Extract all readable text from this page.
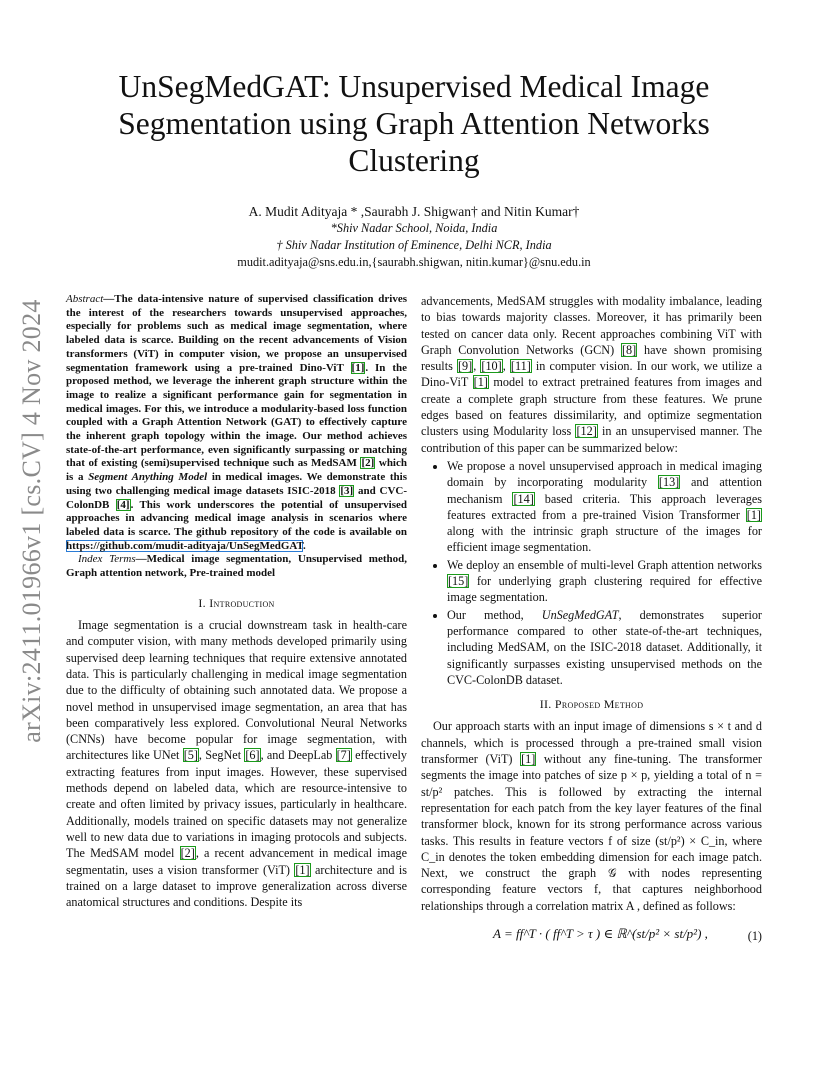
UnSegMedGAT: Unsupervised Medical Image Segmentation using Graph Attention Networks Clustering
A. Mudit Adityaja * ,Saurabh J. Shigwan† and Nitin Kumar†
*Shiv Nadar School, Noida, India
† Shiv Nadar Institution of Eminence, Delhi NCR, India
mudit.adityaja@sns.edu.in,{saurabh.shigwan, nitin.kumar}@snu.edu.in
arXiv:2411.01966v1 [cs.CV] 4 Nov 2024
Abstract—The data-intensive nature of supervised classification drives the interest of the researchers towards unsupervised approaches, especially for problems such as medical image segmentation, where labeled data is scarce. Building on the recent advancements of Vision transformers (ViT) in computer vision, we propose an unsupervised segmentation framework using a pre-trained Dino-ViT [1]. In the proposed method, we leverage the inherent graph structure within the image to realize a significant performance gain for segmentation in medical images. For this, we introduce a modularity-based loss function coupled with a Graph Attention Network (GAT) to effectively capture the inherent graph topology within the image. Our method achieves state-of-the-art performance, even significantly surpassing or matching that of existing (semi)supervised technique such as MedSAM [2] which is a Segment Anything Model in medical images. We demonstrate this using two challenging medical image datasets ISIC-2018 [3] and CVC-ColonDB [4]. This work underscores the potential of unsupervised approaches in advancing medical image analysis in scenarios where labeled data is scarce. The github repository of the code is available on https://github.com/mudit-adityaja/UnSegMedGAT.
Index Terms—Medical image segmentation, Unsupervised method, Graph attention network, Pre-trained model
I. Introduction

Image segmentation is a crucial downstream task in health-care and computer vision, with many methods developed primarily using supervised deep learning techniques that require extensive annotated data. This is particularly challenging in medical image segmentation due to the difficulty of obtaining such annotated data. We propose a novel method in unsupervised image segmentation, an area that has been comparatively less explored. Convolutional Neural Networks (CNNs) have become popular for image segmentation, with architectures like UNet [5], SegNet [6], and DeepLab [7] effectively extracting features from input images. However, these supervised methods depend on labeled data, which are resource-intensive to create and often limited by privacy issues, particularly in healthcare. Additionally, models trained on specific datasets may not generalize well to new data due to variations in imaging protocols and subjects. The MedSAM model [2], a recent advancement in medical image segmentatin, uses a vision transformer (ViT) [1] architecture and is trained on a large dataset to improve generalization across diverse anatomical structures and conditions. Despite its

advancements, MedSAM struggles with modality imbalance, leading to bias towards majority classes. Moreover, it has primarily been tested on cancer data only. Recent approaches combining ViT with Graph Convolution Networks (GCN) [8] have shown promising results [9], [10], [11] in computer vision. In our work, we utilize a Dino-ViT [1] model to extract pretrained features from images and create a complete graph structure from these features. We prune edges based on features dissimilarity, and optimize segmentation clusters using Modularity loss [12] in an unsupervised manner. The contribution of this paper can be summarized below:

• We propose a novel unsupervised approach in medical imaging domain by incorporating modularity [13] and attention mechanism [14] based criteria. This approach leverages features extracted from a pre-trained Vision Transformer [1] along with the intrinsic graph structure of the images for efficient image segmentation.
• We deploy an ensemble of multi-level Graph attention networks [15] for underlying graph clustering required for effective image segmentation.
• Our method, UnSegMedGAT, demonstrates superior performance compared to other state-of-the-art techniques, including MedSAM, on the ISIC-2018 dataset. Additionally, it significantly surpasses existing unsupervised methods on the CVC-ColonDB dataset.
II. Proposed Method

Our approach starts with an input image of dimensions s × t and d channels, which is processed through a pre-trained small vision transformer (ViT) [1] without any fine-tuning. The transformer segments the image into patches of size p × p, yielding a total of n = st/p² patches. This is followed by extracting the internal representation for each patch from the key layer features of the final transformer block, known for its strong performance across various tasks. This results in feature vectors f of size (st/p²) × C_in, where C_in denotes the token embedding dimension for each image patch. Next, we construct the graph 𝒢 with nodes representing corresponding feature vectors f, that captures neighborhood relationships through a correlation matrix A , defined as follows:

A = ff^T · ( ff^T > τ ) ∈ ℝ^(st/p² × st/p²) ,	(1)
